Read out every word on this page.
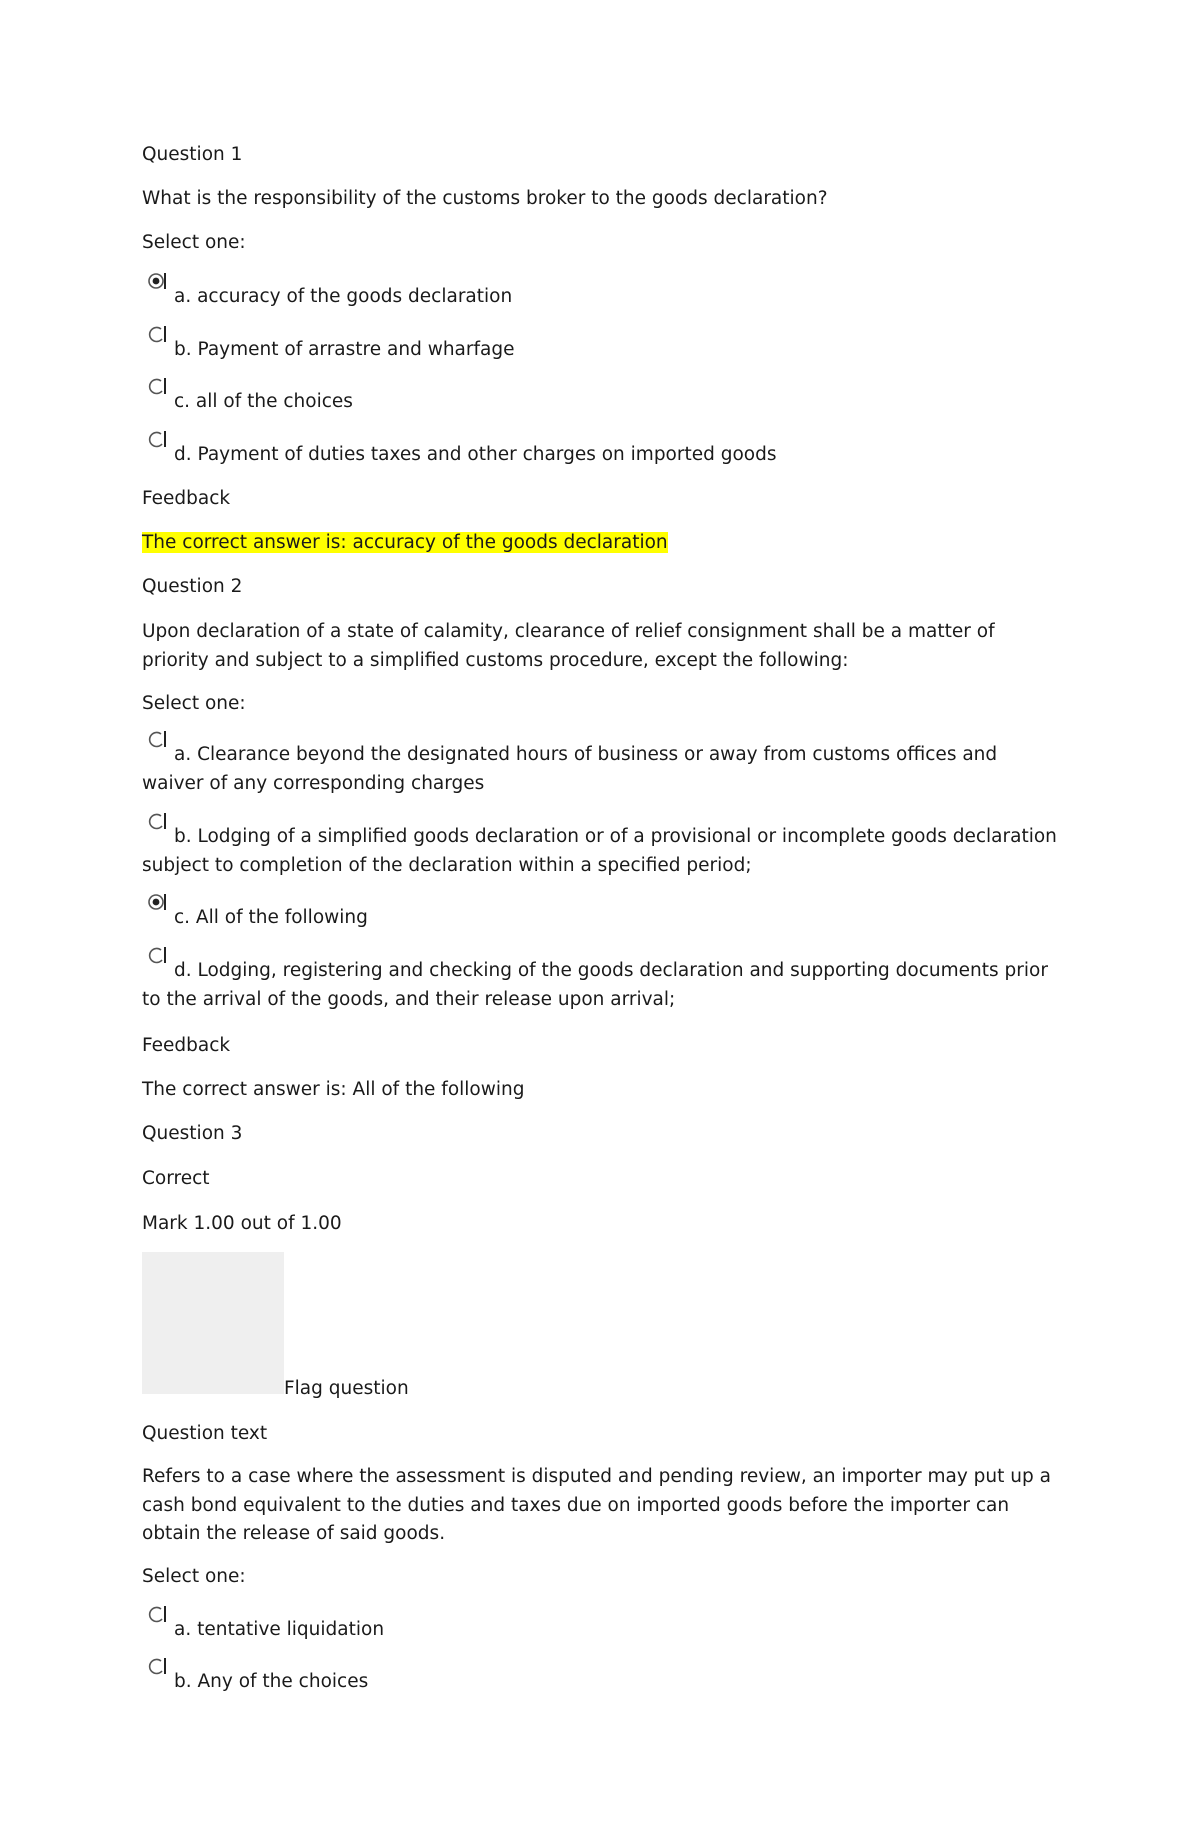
Question 1
What is the responsibility of the customs broker to the goods declaration?
Select one:
a. accuracy of the goods declaration
b. Payment of arrastre and wharfage
c. all of the choices
d. Payment of duties taxes and other charges on imported goods
Feedback
The correct answer is: accuracy of the goods declaration
Question 2
Upon declaration of a state of calamity, clearance of relief consignment shall be a matter of priority and subject to a simplified customs procedure, except the following:
Select one:
a. Clearance beyond the designated hours of business or away from customs offices and waiver of any corresponding charges
b. Lodging of a simplified goods declaration or of a provisional or incomplete goods declaration subject to completion of the declaration within a specified period;
c. All of the following
d. Lodging, registering and checking of the goods declaration and supporting documents prior to the arrival of the goods, and their release upon arrival;
Feedback
The correct answer is: All of the following
Question 3
Correct
Mark 1.00 out of 1.00
Flag question
Question text
Refers to a case where the assessment is disputed and pending review, an importer may put up a cash bond equivalent to the duties and taxes due on imported goods before the importer can obtain the release of said goods.
Select one:
a. tentative liquidation
b. Any of the choices
